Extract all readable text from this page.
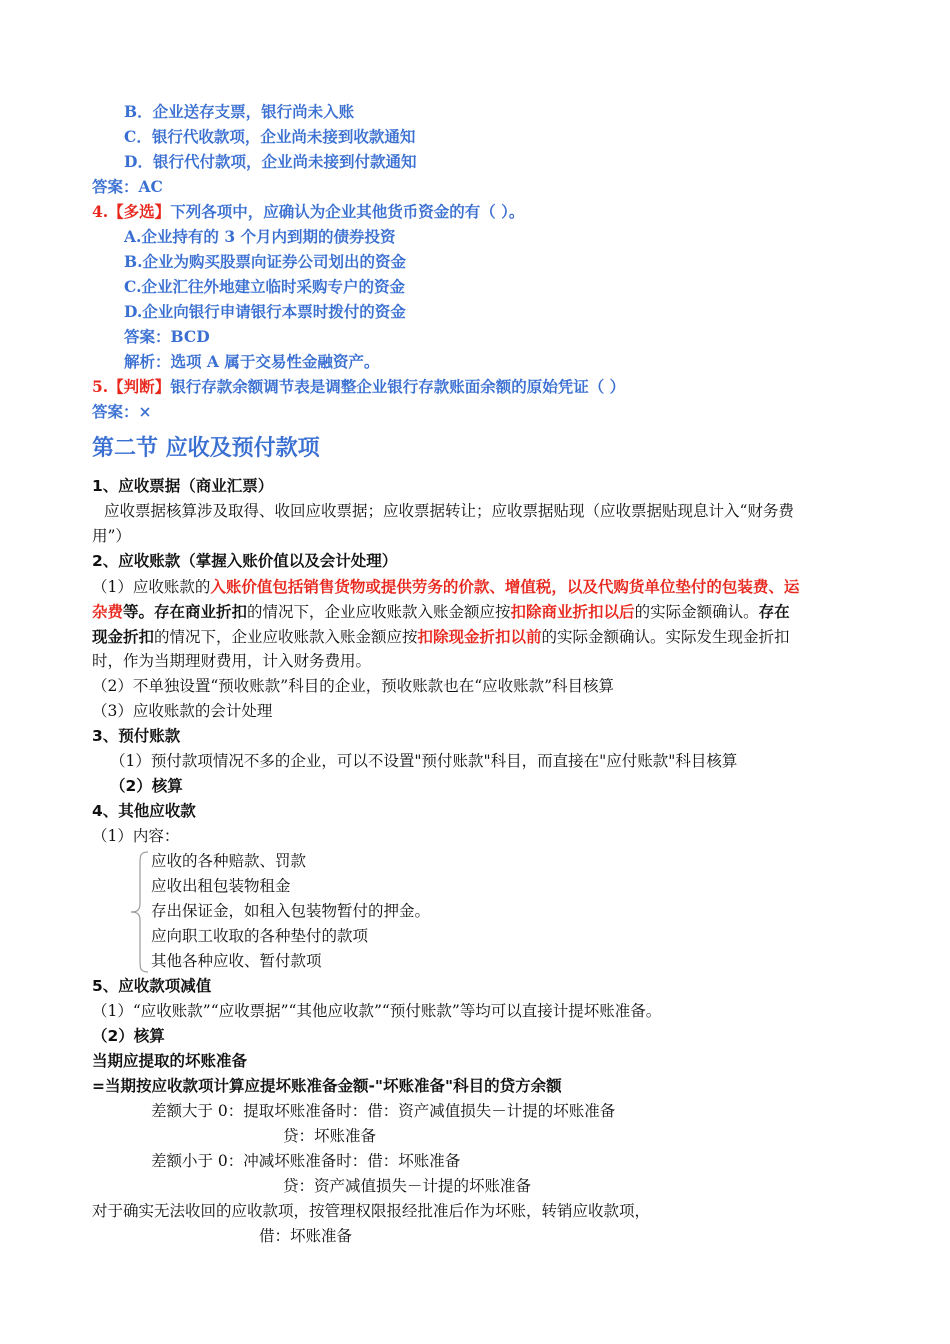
B．企业送存支票，银行尚未入账
C．银行代收款项，企业尚未接到收款通知
D．银行代付款项，企业尚未接到付款通知
答案：AC
4.【多选】下列各项中，应确认为企业其他货币资金的有（ ）。
A.企业持有的 3 个月内到期的债券投资
B.企业为购买股票向证券公司划出的资金
C.企业汇往外地建立临时采购专户的资金
D.企业向银行申请银行本票时拨付的资金
答案：BCD
解析：选项 A 属于交易性金融资产。
5.【判断】银行存款余额调节表是调整企业银行存款账面余额的原始凭证（ ）
答案：×
第二节 应收及预付款项
1、应收票据（商业汇票）
应收票据核算涉及取得、收回应收票据；应收票据转让；应收票据贴现（应收票据贴现息计入“财务费
用”）
2、应收账款（掌握入账价值以及会计处理）
（1）应收账款的入账价值包括销售货物或提供劳务的价款、增值税，以及代购货单位垫付的包装费、运
杂费等。存在商业折扣的情况下，企业应收账款入账金额应按扣除商业折扣以后的实际金额确认。存在
现金折扣的情况下，企业应收账款入账金额应按扣除现金折扣以前的实际金额确认。实际发生现金折扣
时，作为当期理财费用，计入财务费用。
（2）不单独设置“预收账款”科目的企业，预收账款也在“应收账款”科目核算
（3）应收账款的会计处理
3、预付账款
（1）预付款项情况不多的企业，可以不设置"预付账款"科目，而直接在"应付账款"科目核算
（2）核算
4、其他应收款
（1）内容：
应收的各种赔款、罚款
应收出租包装物租金
存出保证金，如租入包装物暂付的押金。
应向职工收取的各种垫付的款项
其他各种应收、暂付款项
5、应收款项减值
（1）“应收账款”“应收票据”“其他应收款”“预付账款”等均可以直接计提坏账准备。
（2）核算
当期应提取的坏账准备
=当期按应收款项计算应提坏账准备金额-"坏账准备"科目的贷方余额
差额大于 0：提取坏账准备时：借：资产减值损失－计提的坏账准备
贷：坏账准备
差额小于 0：冲减坏账准备时：借：坏账准备
贷：资产减值损失－计提的坏账准备
对于确实无法收回的应收款项，按管理权限报经批准后作为坏账，转销应收款项，
借：坏账准备
